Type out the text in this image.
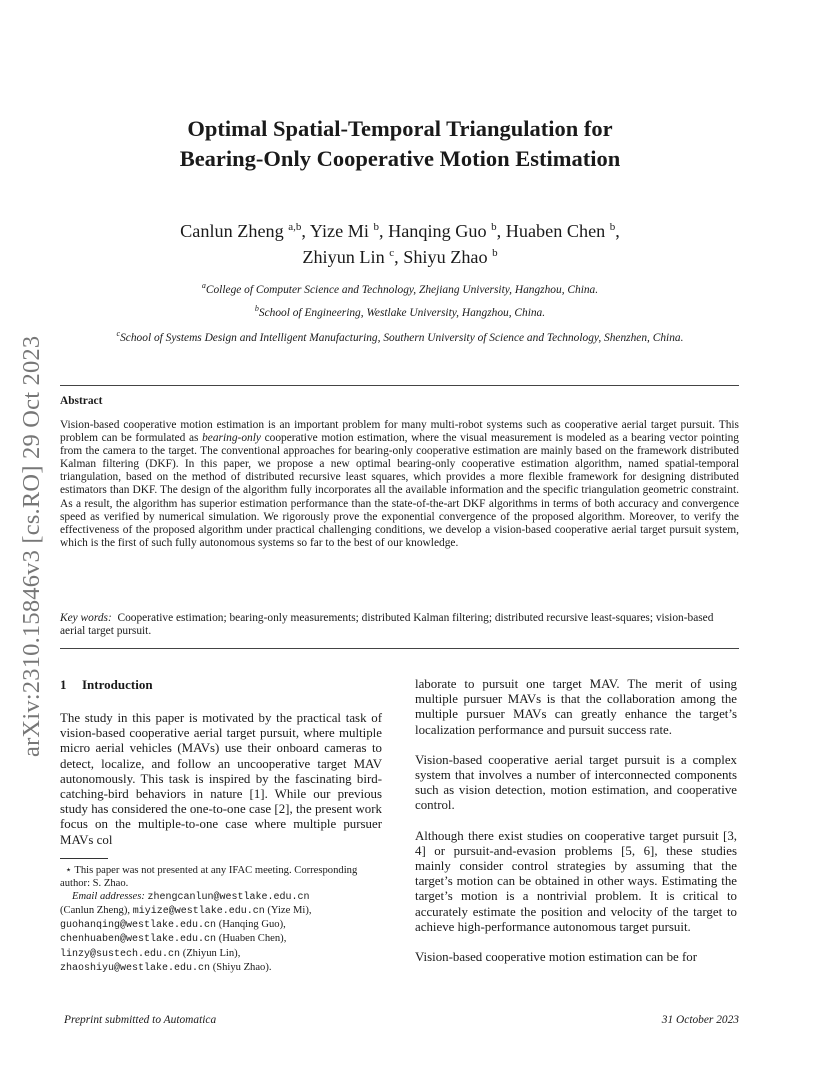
arXiv:2310.15846v3 [cs.RO] 29 Oct 2023
Optimal Spatial-Temporal Triangulation for
Bearing-Only Cooperative Motion Estimation
Canlun Zheng $^{a,b}$, Yize Mi $^b$, Hanqing Guo $^b$, Huaben Chen $^b$,
Zhiyun Lin $^c$, Shiyu Zhao $^b$
$^a$College of Computer Science and Technology, Zhejiang University, Hangzhou, China.
$^b$School of Engineering, Westlake University, Hangzhou, China.
$^c$School of Systems Design and Intelligent Manufacturing, Southern University of Science and Technology, Shenzhen, China.
Abstract
Vision-based cooperative motion estimation is an important problem for many multi-robot systems such as cooperative aerial target pursuit. This problem can be formulated as bearing-only cooperative motion estimation, where the visual measurement is modeled as a bearing vector pointing from the camera to the target. The conventional approaches for bearing-only cooperative estimation are mainly based on the framework distributed Kalman filtering (DKF). In this paper, we propose a new optimal bearing-only cooperative estimation algorithm, named spatial-temporal triangulation, based on the method of distributed recursive least squares, which provides a more flexible framework for designing distributed estimators than DKF. The design of the algorithm fully incorporates all the available information and the specific triangulation geometric constraint. As a result, the algorithm has superior estimation performance than the state-of-the-art DKF algorithms in terms of both accuracy and convergence speed as verified by numerical simulation. We rigorously prove the exponential convergence of the proposed algorithm. Moreover, to verify the effectiveness of the proposed algorithm under practical challenging conditions, we develop a vision-based cooperative aerial target pursuit system, which is the first of such fully autonomous systems so far to the best of our knowledge.
Key words: Cooperative estimation; bearing-only measurements; distributed Kalman filtering; distributed recursive least-squares; vision-based aerial target pursuit.
1 Introduction

The study in this paper is motivated by the practical task of vision-based cooperative aerial target pursuit, where multiple micro aerial vehicles (MAVs) use their onboard cameras to detect, localize, and follow an uncooperative target MAV autonomously. This task is inspired by the fascinating bird-catching-bird behaviors in nature [1]. While our previous study has considered the one-to-one case [2], the present work focus on the multiple-to-one case where multiple pursuer MAVs col

laborate to pursuit one target MAV. The merit of using multiple pursuer MAVs is that the collaboration among the multiple pursuer MAVs can greatly enhance the target’s localization performance and pursuit success rate.

Vision-based cooperative aerial target pursuit is a complex system that involves a number of interconnected components such as vision detection, motion estimation, and cooperative control.

Although there exist studies on cooperative target pursuit [3, 4] or pursuit-and-evasion problems [5, 6], these studies mainly consider control strategies by assuming that the target’s motion can be obtained in other ways. Estimating the target’s motion is a nontrivial problem. It is critical to accurately estimate the position and velocity of the target to achieve high-performance autonomous target pursuit.

Vision-based cooperative motion estimation can be for

⋆ This paper was not presented at any IFAC meeting. Corresponding author: S. Zhao.
Email addresses: zhengcanlun@westlake.edu.cn
(Canlun Zheng), miyize@westlake.edu.cn (Yize Mi),
guohanqing@westlake.edu.cn (Hanqing Guo),
chenhuaben@westlake.edu.cn (Huaben Chen),
linzy@sustech.edu.cn (Zhiyun Lin),
zhaoshiyu@westlake.edu.cn (Shiyu Zhao).
Preprint submitted to Automatica	31 October 2023
